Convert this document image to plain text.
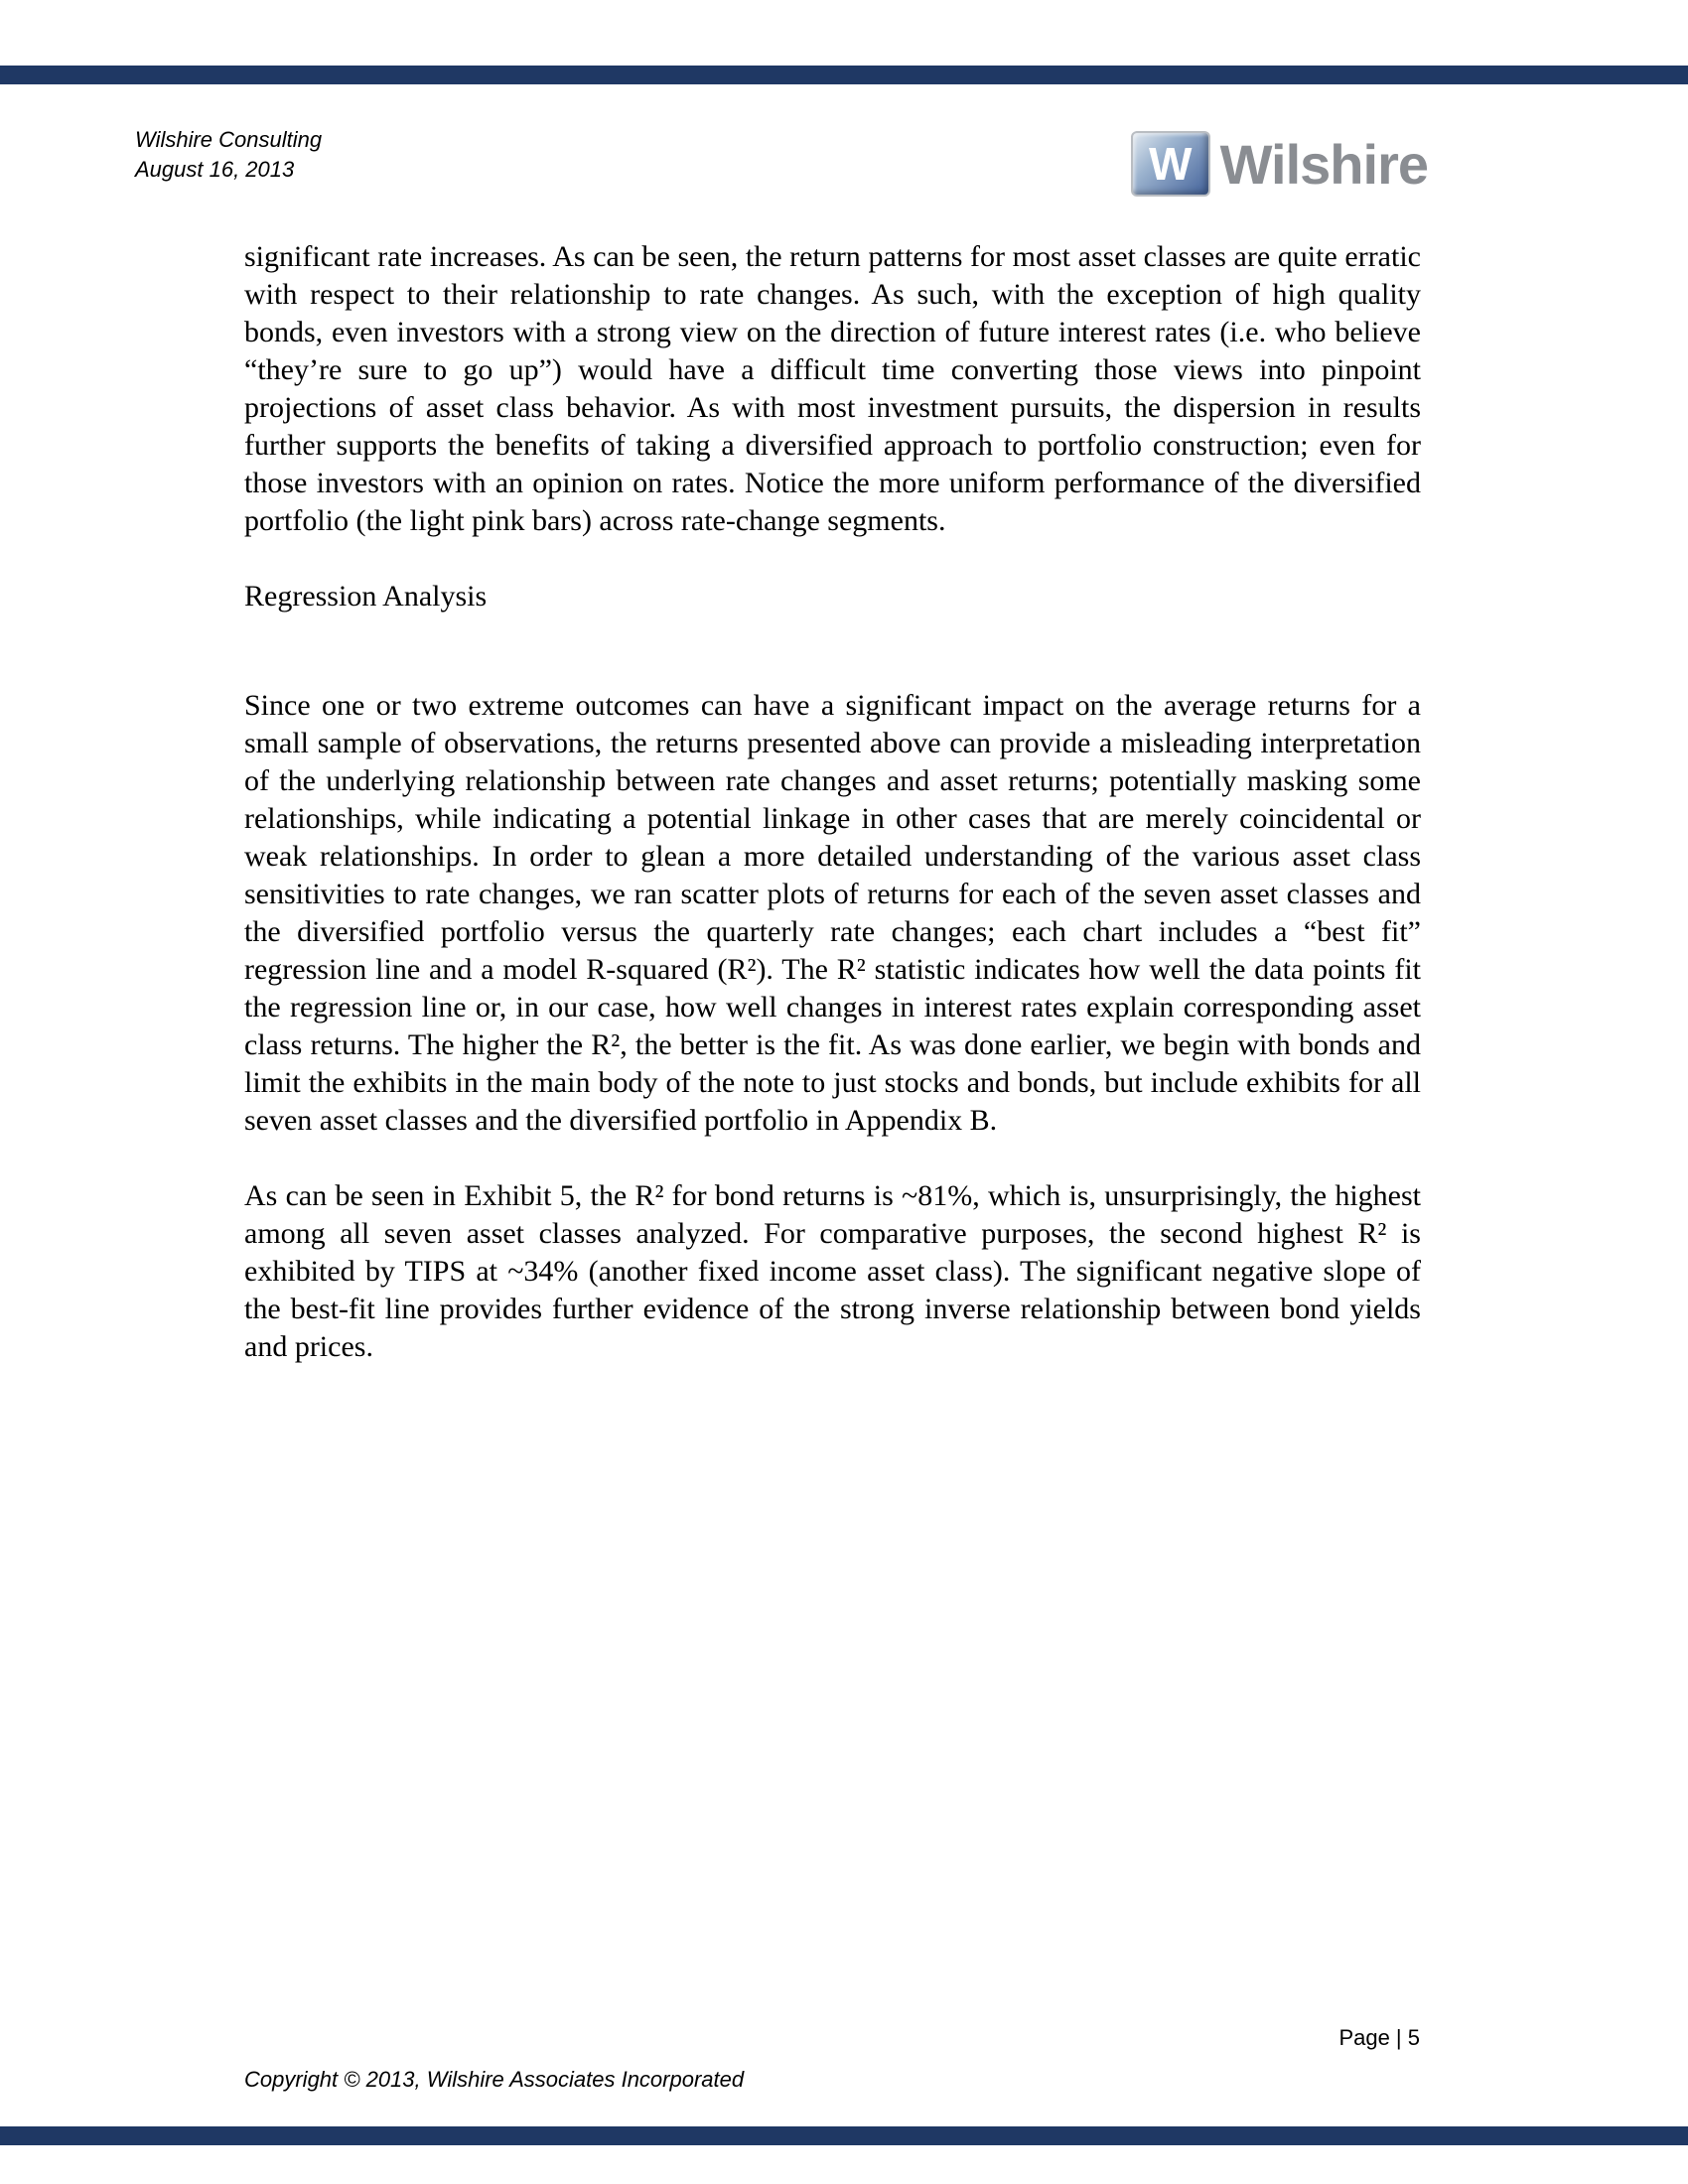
Wilshire Consulting
August 16, 2013	W Wilshire

significant rate increases. As can be seen, the return patterns for most asset classes are quite erratic with respect to their relationship to rate changes. As such, with the exception of high quality bonds, even investors with a strong view on the direction of future interest rates (i.e. who believe “they’re sure to go up”) would have a difficult time converting those views into pinpoint projections of asset class behavior. As with most investment pursuits, the dispersion in results further supports the benefits of taking a diversified approach to portfolio construction; even for those investors with an opinion on rates. Notice the more uniform performance of the diversified portfolio (the light pink bars) across rate-change segments.

Regression Analysis

Since one or two extreme outcomes can have a significant impact on the average returns for a small sample of observations, the returns presented above can provide a misleading interpretation of the underlying relationship between rate changes and asset returns; potentially masking some relationships, while indicating a potential linkage in other cases that are merely coincidental or weak relationships. In order to glean a more detailed understanding of the various asset class sensitivities to rate changes, we ran scatter plots of returns for each of the seven asset classes and the diversified portfolio versus the quarterly rate changes; each chart includes a “best fit” regression line and a model R-squared (R²). The R² statistic indicates how well the data points fit the regression line or, in our case, how well changes in interest rates explain corresponding asset class returns. The higher the R², the better is the fit. As was done earlier, we begin with bonds and limit the exhibits in the main body of the note to just stocks and bonds, but include exhibits for all seven asset classes and the diversified portfolio in Appendix B.

As can be seen in Exhibit 5, the R² for bond returns is ~81%, which is, unsurprisingly, the highest among all seven asset classes analyzed. For comparative purposes, the second highest R² is exhibited by TIPS at ~34% (another fixed income asset class). The significant negative slope of the best-fit line provides further evidence of the strong inverse relationship between bond yields and prices.

Page | 5
Copyright © 2013, Wilshire Associates Incorporated
